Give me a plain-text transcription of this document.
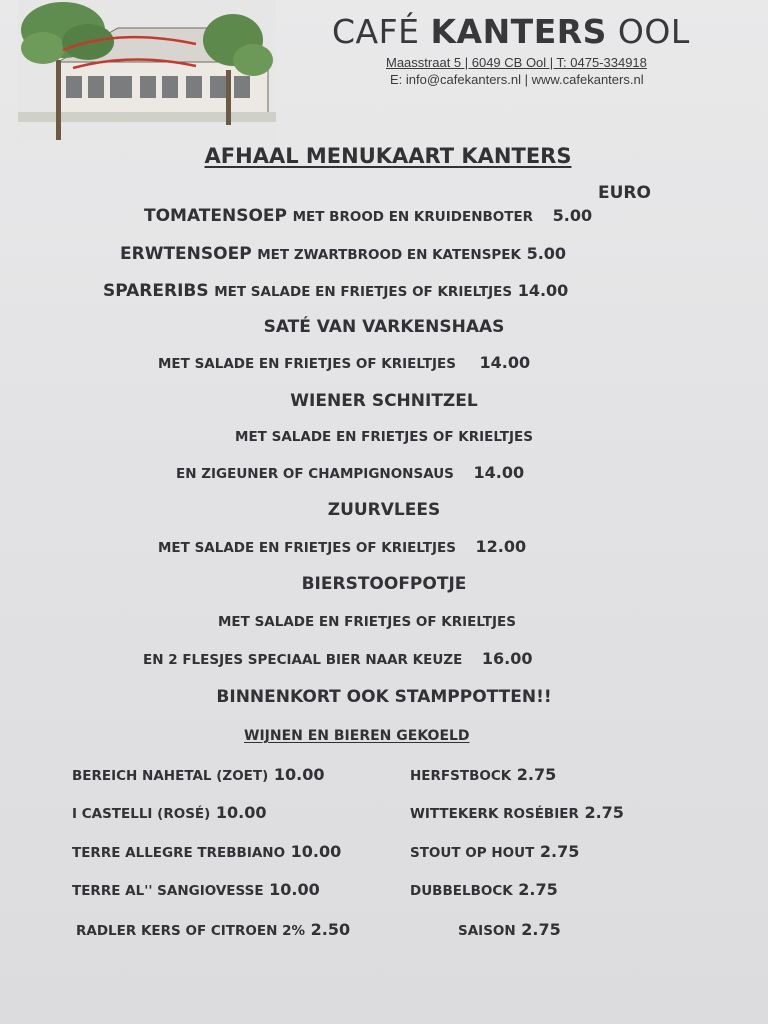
CAFÉ KANTERS OOL
Maasstraat 5 | 6049 CB Ool | T: 0475-334918
E: info@cafekanters.nl | www.cafekanters.nl
AFHAAL MENUKAART KANTERS
EURO
TOMATENSOEP MET BROOD EN KRUIDENBOTER 5.00
ERWTENSOEP MET ZWARTBROOD EN KATENSPEK 5.00
SPARERIBS MET SALADE EN FRIETJES OF KRIELTJES 14.00
SATÉ VAN VARKENSHAAS
MET SALADE EN FRIETJES OF KRIELTJES 14.00
WIENER SCHNITZEL
MET SALADE EN FRIETJES OF KRIELTJES
EN ZIGEUNER OF CHAMPIGNONSAUS 14.00
ZUURVLEES
MET SALADE EN FRIETJES OF KRIELTJES 12.00
BIERSTOOFPOTJE
MET SALADE EN FRIETJES OF KRIELTJES
EN 2 FLESJES SPECIAAL BIER NAAR KEUZE 16.00
BINNENKORT OOK STAMPPOTTEN!!
WIJNEN EN BIEREN GEKOELD
BEREICH NAHETAL (ZOET) 10.00
I CASTELLI (ROSÉ) 10.00
TERRE ALLEGRE TREBBIANO 10.00
TERRE AL'' SANGIOVESSE 10.00
RADLER KERS OF CITROEN 2% 2.50
HERFSTBOCK 2.75
WITTEKERK ROSÉBIER 2.75
STOUT OP HOUT 2.75
DUBBELBOCK 2.75
SAISON 2.75
